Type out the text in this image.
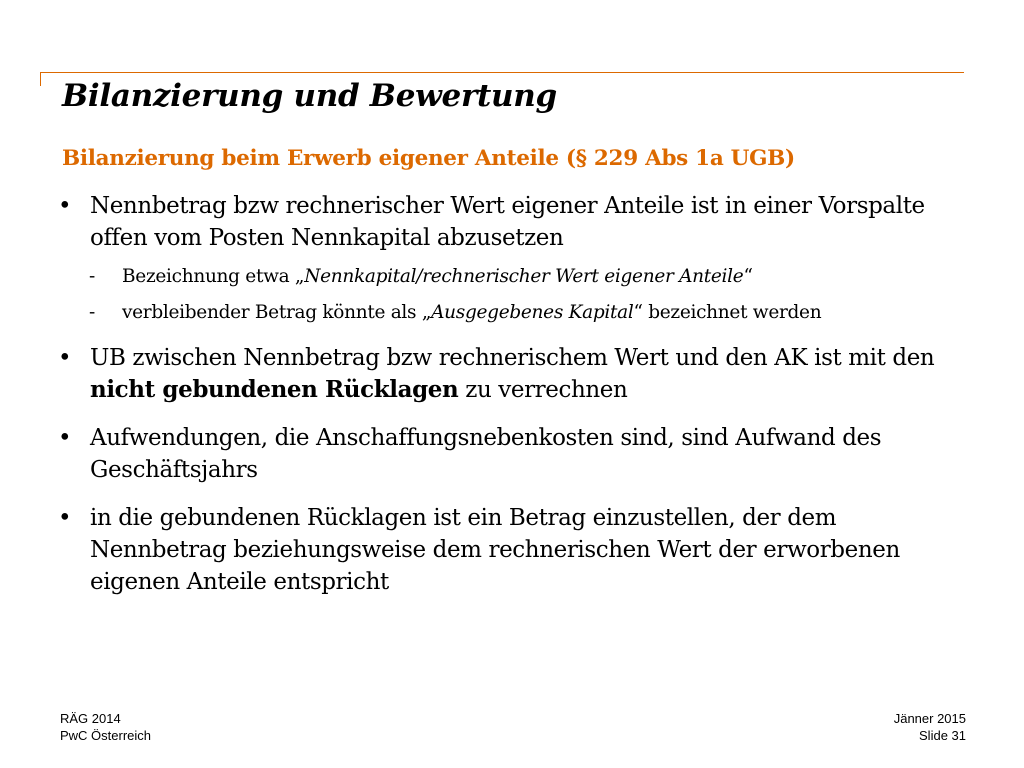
Bilanzierung und Bewertung
Bilanzierung beim Erwerb eigener Anteile (§ 229 Abs 1a UGB)
• Nennbetrag bzw rechnerischer Wert eigener Anteile ist in einer Vorspalte offen vom Posten Nennkapital abzusetzen
- Bezeichnung etwa „Nennkapital/rechnerischer Wert eigener Anteile“
- verbleibender Betrag könnte als „Ausgegebenes Kapital“ bezeichnet werden
• UB zwischen Nennbetrag bzw rechnerischem Wert und den AK ist mit den nicht gebundenen Rücklagen zu verrechnen
• Aufwendungen, die Anschaffungsnebenkosten sind, sind Aufwand des Geschäftsjahrs
• in die gebundenen Rücklagen ist ein Betrag einzustellen, der dem Nennbetrag beziehungsweise dem rechnerischen Wert der erworbenen eigenen Anteile entspricht
RÄG 2014
PwC Österreich
Jänner 2015
Slide 31
